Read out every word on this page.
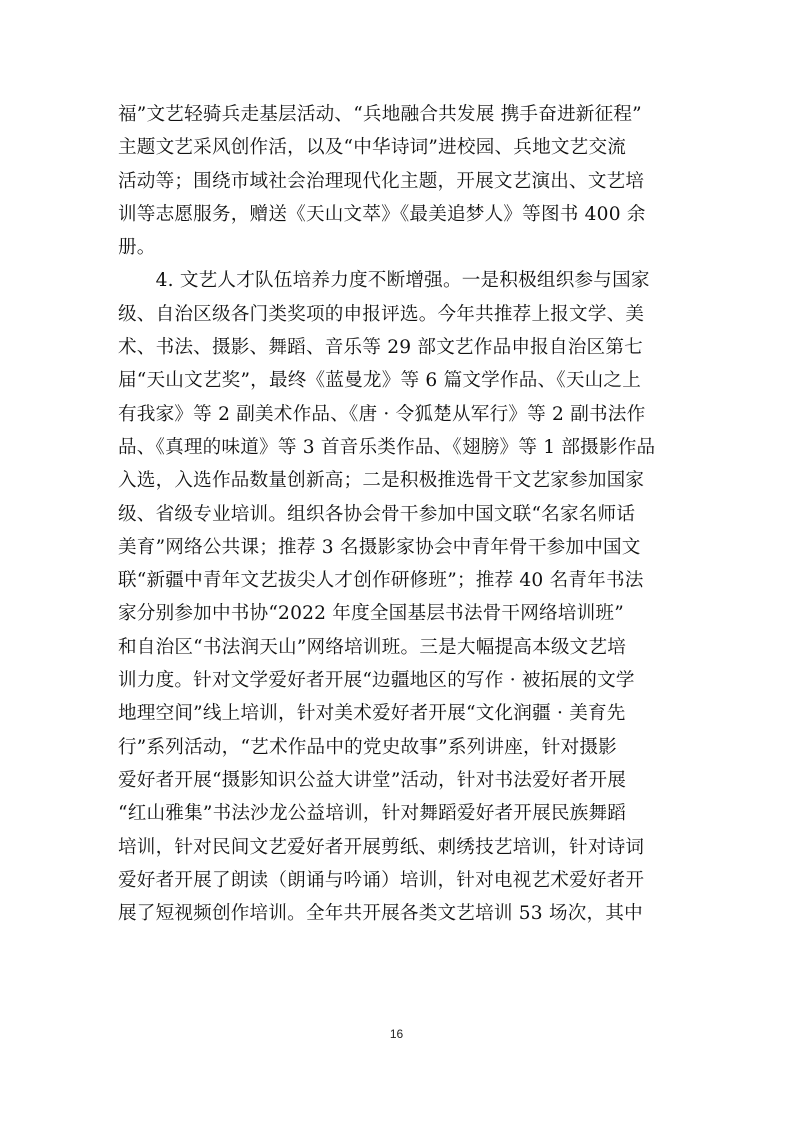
福”文艺轻骑兵走基层活动、“兵地融合共发展 携手奋进新征程”
主题文艺采风创作活，以及“中华诗词”进校园、兵地文艺交流
活动等；围绕市域社会治理现代化主题，开展文艺演出、文艺培
训等志愿服务，赠送《天山文萃》《最美追梦人》等图书 400 余
册。
　　4. 文艺人才队伍培养力度不断增强。一是积极组织参与国家
级、自治区级各门类奖项的申报评选。今年共推荐上报文学、美
术、书法、摄影、舞蹈、音乐等 29 部文艺作品申报自治区第七
届“天山文艺奖”，最终《蓝曼龙》等 6 篇文学作品、《天山之上
有我家》等 2 副美术作品、《唐 · 令狐楚从军行》等 2 副书法作
品、《真理的味道》等 3 首音乐类作品、《翅膀》等 1 部摄影作品
入选，入选作品数量创新高；二是积极推选骨干文艺家参加国家
级、省级专业培训。组织各协会骨干参加中国文联“名家名师话
美育”网络公共课；推荐 3 名摄影家协会中青年骨干参加中国文
联“新疆中青年文艺拔尖人才创作研修班”；推荐 40 名青年书法
家分别参加中书协“2022 年度全国基层书法骨干网络培训班”
和自治区“书法润天山”网络培训班。三是大幅提高本级文艺培
训力度。针对文学爱好者开展“边疆地区的写作 · 被拓展的文学
地理空间”线上培训，针对美术爱好者开展“文化润疆 · 美育先
行”系列活动，“艺术作品中的党史故事”系列讲座，针对摄影
爱好者开展“摄影知识公益大讲堂”活动，针对书法爱好者开展
“红山雅集”书法沙龙公益培训，针对舞蹈爱好者开展民族舞蹈
培训，针对民间文艺爱好者开展剪纸、刺绣技艺培训，针对诗词
爱好者开展了朗读（朗诵与吟诵）培训，针对电视艺术爱好者开
展了短视频创作培训。全年共开展各类文艺培训 53 场次，其中
16
